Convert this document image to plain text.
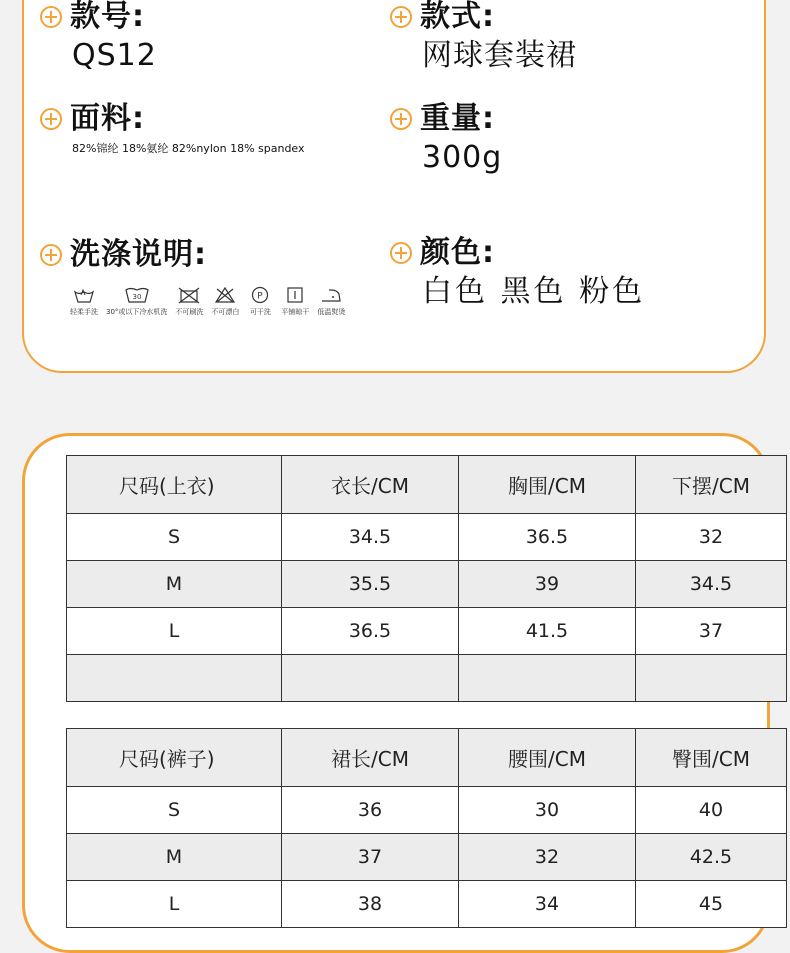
款号:
QS12
款式:
网球套装裙
面料:
82%锦纶 18%氨纶 82%nylon 18% spandex
重量:
300g
洗涤说明:
轻柔手洗
30
30°或以下冷水机洗 不可刷洗 不可漂白
P
可干洗 平铺晾干 低温熨烫
颜色:
白色 黑色 粉色
尺码(上衣)	衣长/CM	胸围/CM	下摆/CM
S	34.5	36.5	32
M	35.5	39	34.5
L	36.5	41.5	37

尺码(裤子)	裙长/CM	腰围/CM	臀围/CM
S	36	30	40
M	37	32	42.5
L	38	34	45
